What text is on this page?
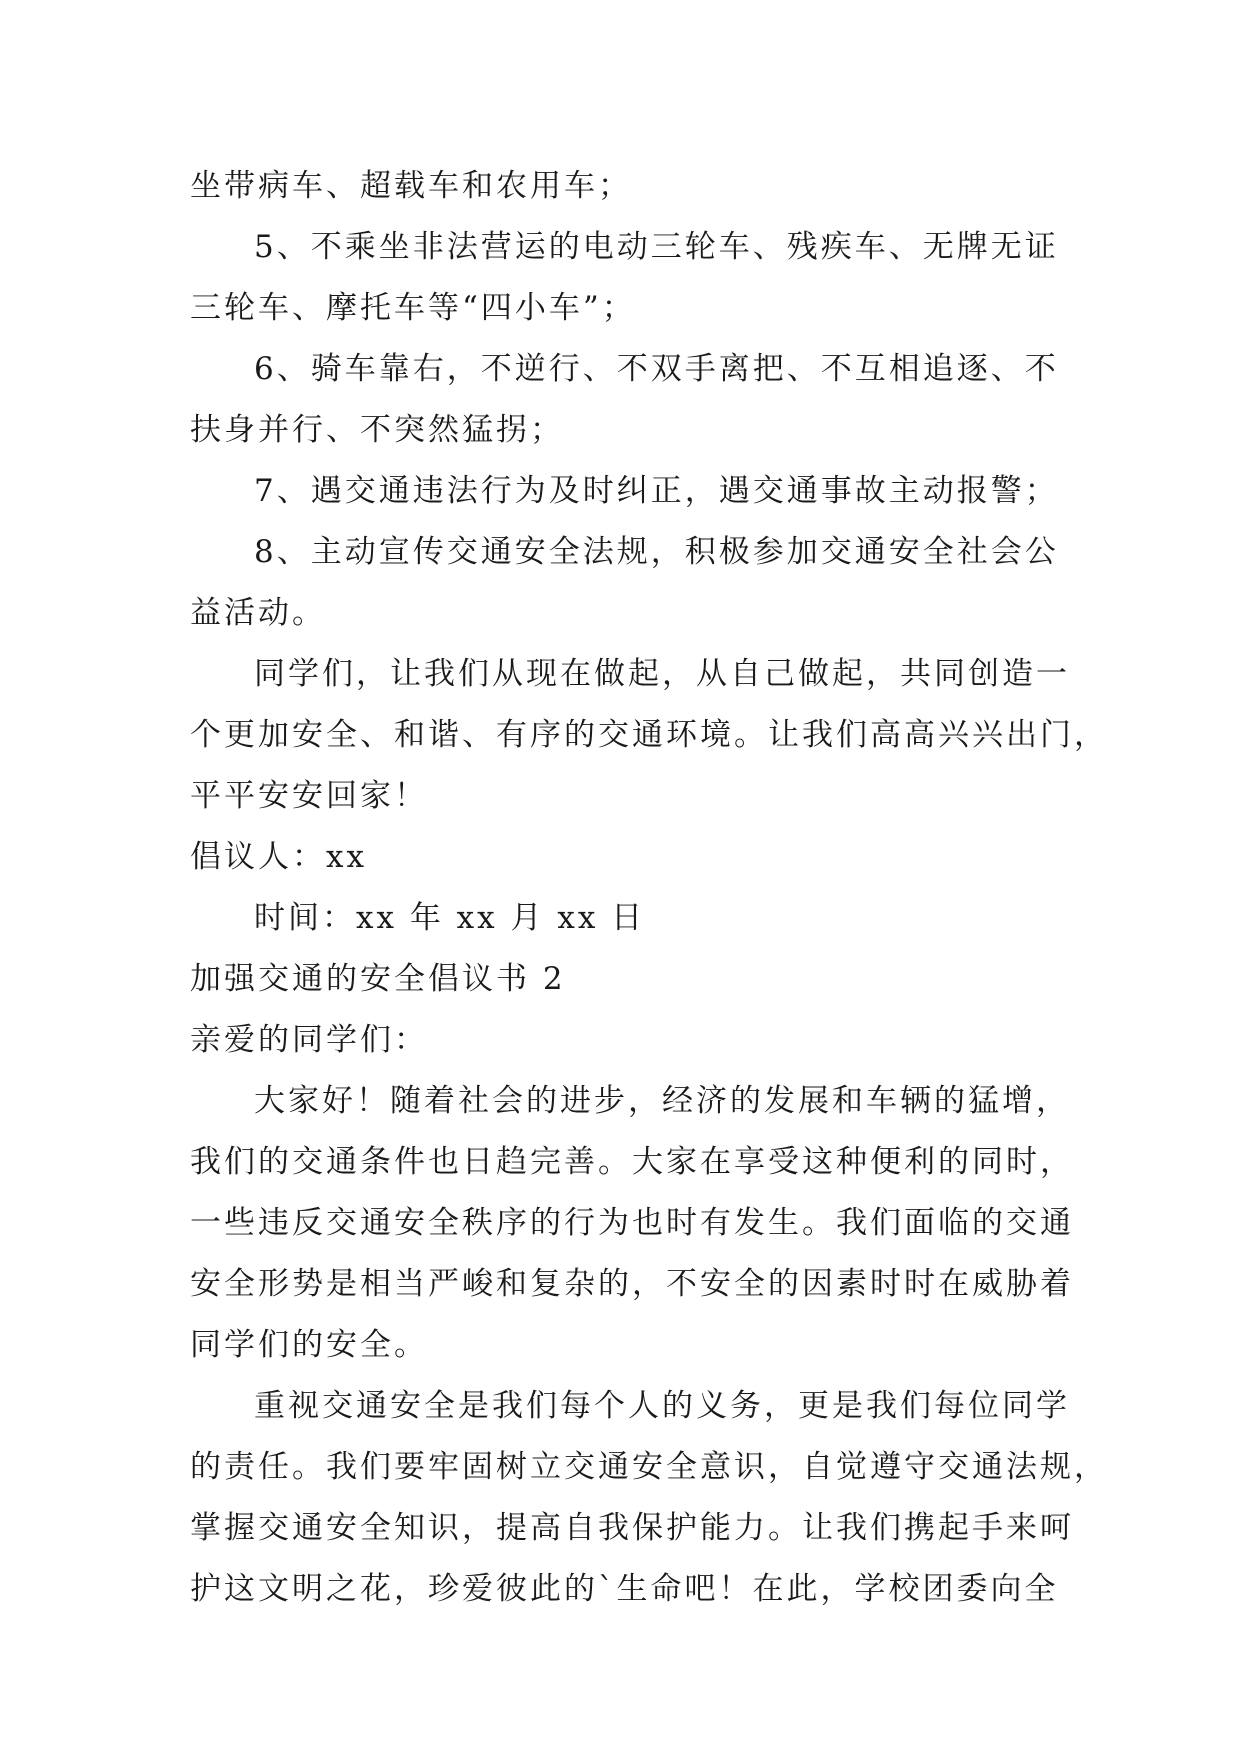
坐带病车、超载车和农用车；
5、不乘坐非法营运的电动三轮车、残疾车、无牌无证
三轮车、摩托车等“四小车”；
6、骑车靠右，不逆行、不双手离把、不互相追逐、不
扶身并行、不突然猛拐；
7、遇交通违法行为及时纠正，遇交通事故主动报警；
8、主动宣传交通安全法规，积极参加交通安全社会公
益活动。
同学们，让我们从现在做起，从自己做起，共同创造一
个更加安全、和谐、有序的交通环境。让我们高高兴兴出门，
平平安安回家！
倡议人：xx
时间：xx 年 xx 月 xx 日
加强交通的安全倡议书 2
亲爱的同学们：
大家好！随着社会的进步，经济的发展和车辆的猛增，
我们的交通条件也日趋完善。大家在享受这种便利的同时，
一些违反交通安全秩序的行为也时有发生。我们面临的交通
安全形势是相当严峻和复杂的，不安全的因素时时在威胁着
同学们的安全。
重视交通安全是我们每个人的义务，更是我们每位同学
的责任。我们要牢固树立交通安全意识，自觉遵守交通法规，
掌握交通安全知识，提高自我保护能力。让我们携起手来呵
护这文明之花，珍爱彼此的`生命吧！在此，学校团委向全
